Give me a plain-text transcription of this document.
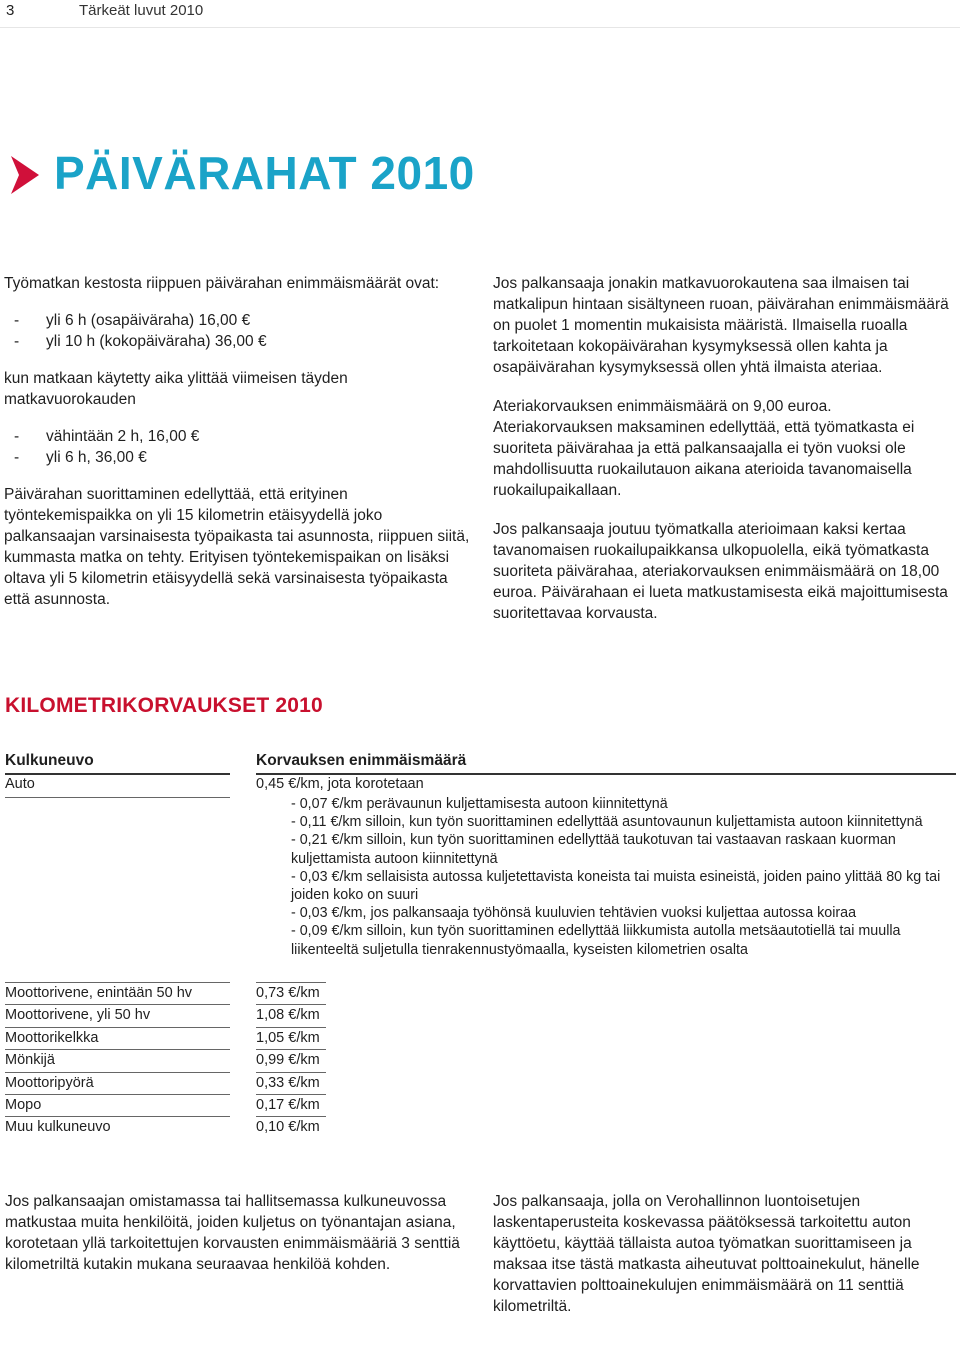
3	Tärkeät luvut 2010
PÄIVÄRAHAT 2010

Työmatkan kestosta riippuen päivärahan enimmäismäärät ovat:

- yli 6 h (osapäiväraha) 16,00 €

- yli 10 h (kokopäiväraha) 36,00 €

kun matkaan käytetty aika ylittää viimeisen täyden matkavuorokauden

- vähintään 2 h, 16,00 €

- yli 6 h, 36,00 €

Päivärahan suorittaminen edellyttää, että erityinen työntekemispaikka on yli 15 kilometrin etäisyydellä joko palkansaajan varsinaisesta työpaikasta tai asunnosta, riippuen siitä, kummasta matka on tehty. Erityisen työntekemispaikan on lisäksi oltava yli 5 kilometrin etäisyydellä sekä varsinaisesta työpaikasta että asunnosta.

Jos palkansaaja jonakin matkavuorokautena saa ilmaisen tai matkalipun hintaan sisältyneen ruoan, päivärahan enimmäismäärä on puolet 1 momentin mukaisista määristä. Ilmaisella ruoalla tarkoitetaan kokopäivärahan kysymyksessä ollen kahta ja osapäivärahan kysymyksessä ollen yhtä ilmaista ateriaa.

Ateriakorvauksen enimmäismäärä on 9,00 euroa.

Ateriakorvauksen maksaminen edellyttää, että työmatkasta ei suoriteta päivärahaa ja että palkansaajalla ei työn vuoksi ole mahdollisuutta ruokailutauon aikana aterioida tavanomaisella ruokailupaikallaan.

Jos palkansaaja joutuu työmatkalla aterioimaan kaksi kertaa tavanomaisen ruokailupaikkansa ulkopuolella, eikä työmatkasta suoriteta päivärahaa, ateriakorvauksen enimmäismäärä on 18,00 euroa. Päivärahaan ei lueta matkustamisesta eikä majoittumisesta suoritettavaa korvausta.

KILOMETRIKORVAUKSET 2010
Kulkuneuvo	Korvauksen enimmäismäärä
Auto	0,45 €/km, jota korotetaan
- 0,07 €/km perävaunun kuljettamisesta autoon kiinnitettynä
- 0,11 €/km silloin, kun työn suorittaminen edellyttää asuntovaunun kuljettamista autoon kiinnitettynä
- 0,21 €/km silloin, kun työn suorittaminen edellyttää taukotuvan tai vastaavan raskaan kuorman kuljettamista autoon kiinnitettynä
- 0,03 €/km sellaisista autossa kuljetettavista koneista tai muista esineistä, joiden paino ylittää 80 kg tai joiden koko on suuri
- 0,03 €/km, jos palkansaaja työhönsä kuuluvien tehtävien vuoksi kuljettaa autossa koiraa
- 0,09 €/km silloin, kun työn suorittaminen edellyttää liikkumista autolla metsäautotiellä tai muulla liikenteeltä suljetulla tienrakennustyömaalla, kyseisten kilometrien osalta
Moottorivene, enintään 50 hv	0,73 €/km
Moottorivene, yli 50 hv	1,08 €/km
Moottorikelkka	1,05 €/km
Mönkijä	0,99 €/km
Moottoripyörä	0,33 €/km
Mopo	0,17 €/km
Muu kulkuneuvo	0,10 €/km
Jos palkansaajan omistamassa tai hallitsemassa kulkuneuvossa matkustaa muita henkilöitä, joiden kuljetus on työnantajan asiana, korotetaan yllä tarkoitettujen korvausten enimmäismääriä 3 senttiä kilometriltä kutakin mukana seuraavaa henkilöä kohden.
Jos palkansaaja, jolla on Verohallinnon luontoisetujen laskentaperusteita koskevassa päätöksessä tarkoitettu auton käyttöetu, käyttää tällaista autoa työmatkan suorittamiseen ja maksaa itse tästä matkasta aiheutuvat polttoainekulut, hänelle korvattavien polttoainekulujen enimmäismäärä on 11 senttiä kilometriltä.
